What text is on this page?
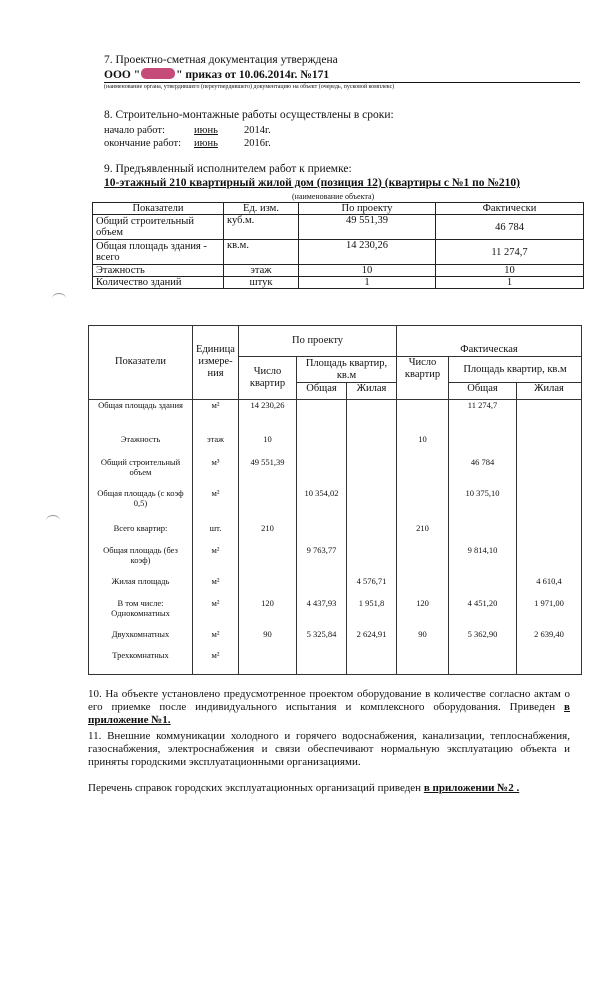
7. Проектно-сметная документация утверждена
ООО "	" приказ от 10.06.2014г. №171
(наименование органа, утвердившего (переутвердившего) документацию на объект (очередь, пусковой комплекс)
8. Строительно-монтажные работы осуществлены в сроки:
начало работ:	июнь 2014г.
окончание работ: июнь 2016г.
9. Предъявленный исполнителем работ к приемке:
10-этажный 210 квартирный жилой дом (позиция 12) (квартиры с №1 по №210)
(наименование объекта)
Показатели	Ед. изм.	По проекту	Фактически
Общий строительный объем	куб.м.	49 551,39	46 784
Общая площадь здания - всего	кв.м.	14 230,26	11 274,7
Этажность	этаж	10	10
Количество зданий	штук	1	1
Показатели	Единица измере-ния	По проекту			Фактическая		
		Число квартир	Площадь квартир, кв.м		Число квартир	Площадь квартир, кв.м	
			Общая	Жилая		Общая	Жилая
Общая площадь здания	м²	14 230,26				11 274,7	
Этажность	этаж	10			10		
Общий строительный объем	м³	49 551,39				46 784	
Общая площадь (с коэф 0,5)	м²		10 354,02			10 375,10	
Всего квартир:	шт.	210			210		
Общая площадь (без коэф)	м²		9 763,77			9 814,10	
Жилая площадь	м²			4 576,71			4 610,4
В том числе: Однокомнатных	м²	120	4 437,93	1 951,8	120	4 451,20	1 971,00
Двухкомнатных	м²	90	5 325,84	2 624,91	90	5 362,90	2 639,40
Трехкомнатных	м²						
10. На объекте установлено предусмотренное проектом оборудование в количестве согласно актам о его приемке после индивидуального испытания и комплексного оборудования. Приведен в приложение №1.
11. Внешние коммуникации холодного и горячего водоснабжения, канализации, теплоснабжения, газоснабжения, электроснабжения и связи обеспечивают нормальную эксплуатацию объекта и приняты городскими эксплуатационными организациями.
Перечень справок городских эксплуатационных организаций приведен в приложении №2 .
